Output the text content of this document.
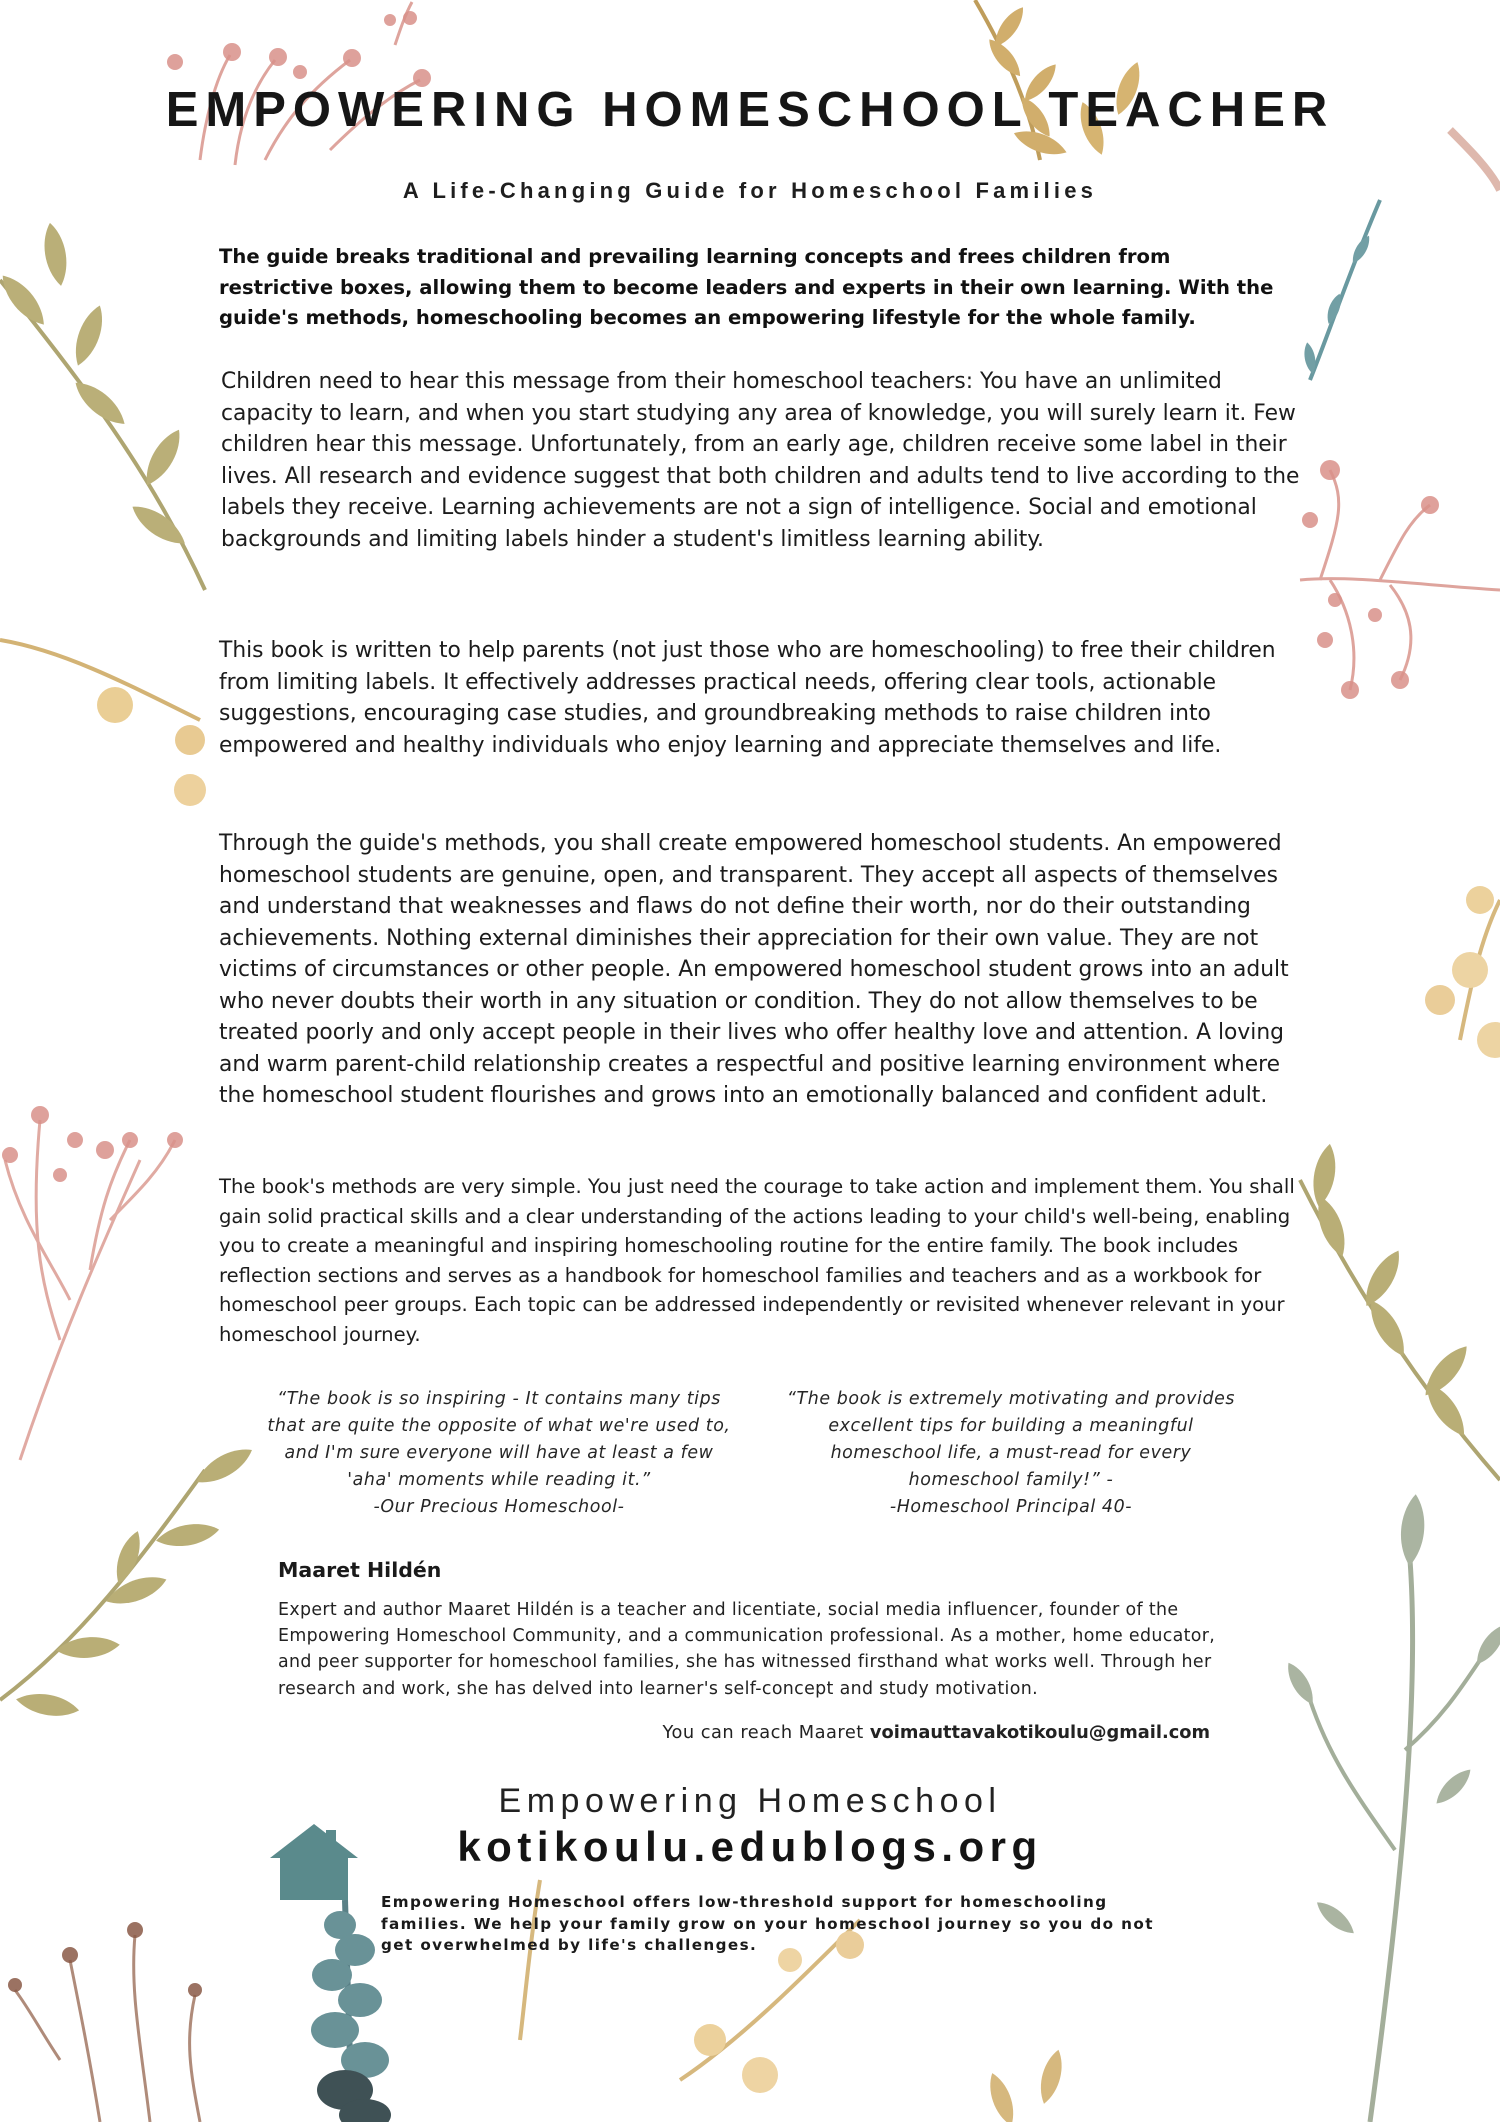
EMPOWERING HOMESCHOOL TEACHER
A Life-Changing Guide for Homeschool Families

The guide breaks traditional and prevailing learning concepts and frees children from restrictive boxes, allowing them to become leaders and experts in their own learning. With the guide's methods, homeschooling becomes an empowering lifestyle for the whole family.

Children need to hear this message from their homeschool teachers: You have an unlimited capacity to learn, and when you start studying any area of knowledge, you will surely learn it. Few children hear this message. Unfortunately, from an early age, children receive some label in their lives. All research and evidence suggest that both children and adults tend to live according to the labels they receive. Learning achievements are not a sign of intelligence. Social and emotional backgrounds and limiting labels hinder a student's limitless learning ability.

This book is written to help parents (not just those who are homeschooling) to free their children from limiting labels. It effectively addresses practical needs, offering clear tools, actionable suggestions, encouraging case studies, and groundbreaking methods to raise children into empowered and healthy individuals who enjoy learning and appreciate themselves and life.

Through the guide's methods, you shall create empowered homeschool students. An empowered homeschool students are genuine, open, and transparent. They accept all aspects of themselves and understand that weaknesses and flaws do not define their worth, nor do their outstanding achievements. Nothing external diminishes their appreciation for their own value. They are not victims of circumstances or other people. An empowered homeschool student grows into an adult who never doubts their worth in any situation or condition. They do not allow themselves to be treated poorly and only accept people in their lives who offer healthy love and attention. A loving and warm parent-child relationship creates a respectful and positive learning environment where the homeschool student flourishes and grows into an emotionally balanced and confident adult.

The book's methods are very simple. You just need the courage to take action and implement them. You shall gain solid practical skills and a clear understanding of the actions leading to your child's well-being, enabling you to create a meaningful and inspiring homeschooling routine for the entire family. The book includes reflection sections and serves as a handbook for homeschool families and teachers and as a workbook for homeschool peer groups. Each topic can be addressed independently or revisited whenever relevant in your homeschool journey.

“The book is so inspiring - It contains many tips that are quite the opposite of what we're used to, and I'm sure everyone will have at least a few 'aha' moments while reading it.”
-Our Precious Homeschool-
“The book is extremely motivating and provides excellent tips for building a meaningful homeschool life, a must-read for every homeschool family!” -
-Homeschool Principal 40-
Maaret Hildén

Expert and author Maaret Hildén is a teacher and licentiate, social media influencer, founder of the Empowering Homeschool Community, and a communication professional. As a mother, home educator, and peer supporter for homeschool families, she has witnessed firsthand what works well. Through her research and work, she has delved into learner's self-concept and study motivation.

You can reach Maaret voimauttavakotikoulu@gmail.com
Empowering Homeschool
kotikoulu.edublogs.org

Empowering Homeschool offers low-threshold support for homeschooling families. We help your family grow on your homeschool journey so you do not get overwhelmed by life's challenges.
